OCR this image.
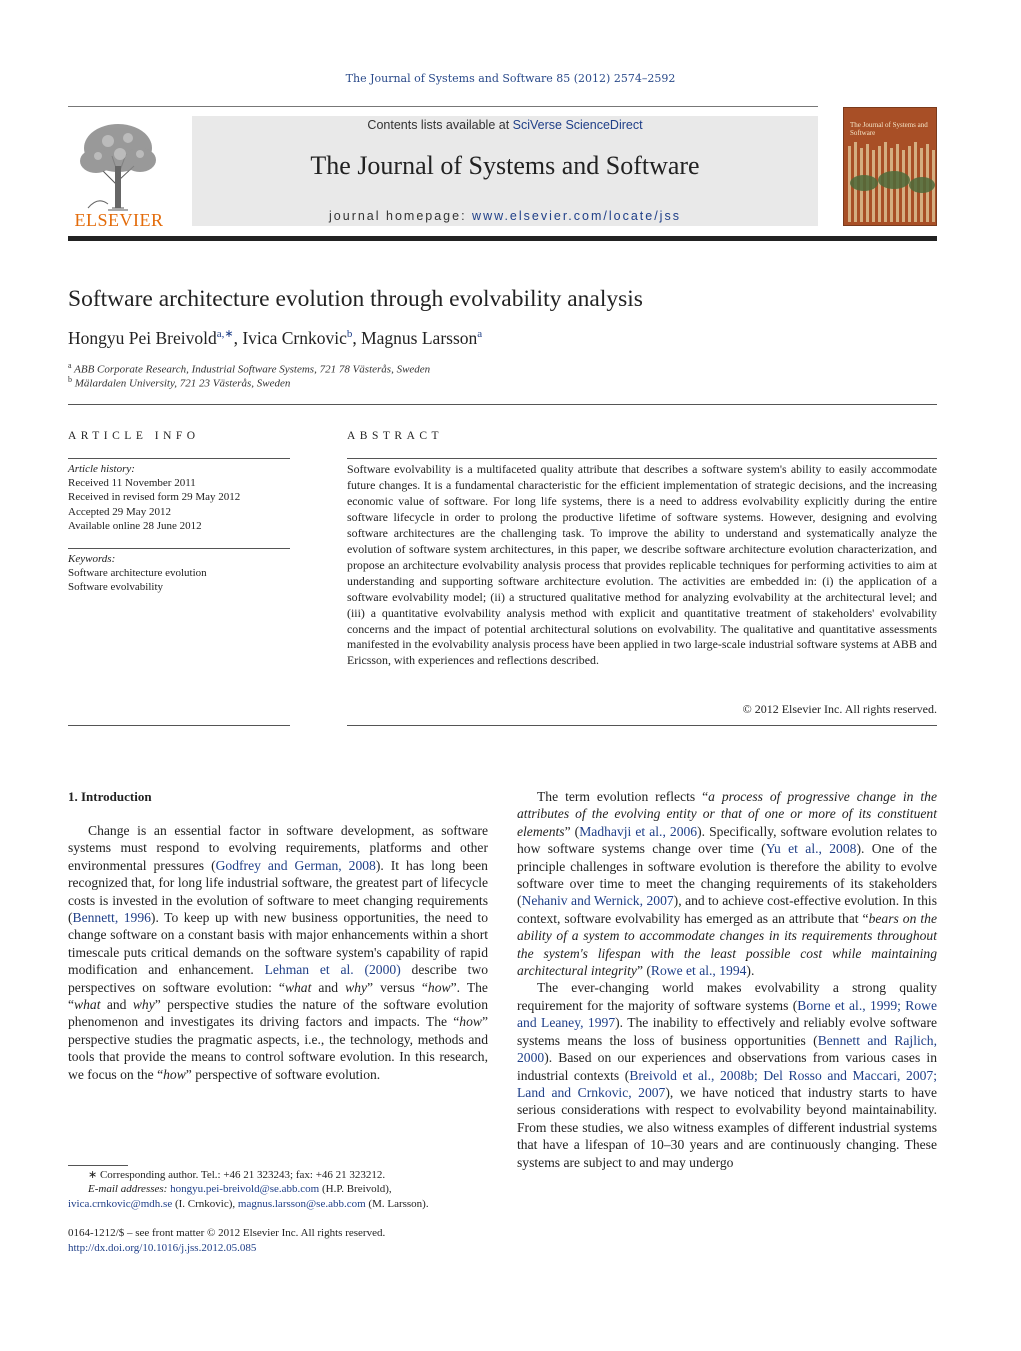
The Journal of Systems and Software 85 (2012) 2574–2592
ELSEVIER
Contents lists available at SciVerse ScienceDirect
The Journal of Systems and Software
journal homepage: www.elsevier.com/locate/jss
The Journal of Systems and Software
Software architecture evolution through evolvability analysis
Hongyu Pei Breivold$^{a,∗}$, Ivica Crnkovic$^b$, Magnus Larsson$^a$
$^a$ ABB Corporate Research, Industrial Software Systems, 721 78 Västerås, Sweden
$^b$ Mälardalen University, 721 23 Västerås, Sweden
ARTICLE INFO	ABSTRACT
Article history:
Received 11 November 2011
Received in revised form 29 May 2012
Accepted 29 May 2012
Available online 28 June 2012
Keywords:
Software architecture evolution
Software evolvability
Software evolvability is a multifaceted quality attribute that describes a software system's ability to easily accommodate future changes. It is a fundamental characteristic for the efficient implementation of strategic decisions, and the increasing economic value of software. For long life systems, there is a need to address evolvability explicitly during the entire software lifecycle in order to prolong the productive lifetime of software systems. However, designing and evolving software architectures are the challenging task. To improve the ability to understand and systematically analyze the evolution of software system architectures, in this paper, we describe software architecture evolution characterization, and propose an architecture evolvability analysis process that provides replicable techniques for performing activities to aim at understanding and supporting software architecture evolution. The activities are embedded in: (i) the application of a software evolvability model; (ii) a structured qualitative method for analyzing evolvability at the architectural level; and (iii) a quantitative evolvability analysis method with explicit and quantitative treatment of stakeholders' evolvability concerns and the impact of potential architectural solutions on evolvability. The qualitative and quantitative assessments manifested in the evolvability analysis process have been applied in two large-scale industrial software systems at ABB and Ericsson, with experiences and reflections described.
© 2012 Elsevier Inc. All rights reserved.
1. Introduction

Change is an essential factor in software development, as software systems must respond to evolving requirements, platforms and other environmental pressures (Godfrey and German, 2008). It has long been recognized that, for long life industrial software, the greatest part of lifecycle costs is invested in the evolution of software to meet changing requirements (Bennett, 1996). To keep up with new business opportunities, the need to change software on a constant basis with major enhancements within a short timescale puts critical demands on the software system's capability of rapid modification and enhancement. Lehman et al. (2000) describe two perspectives on software evolution: “what and why” versus “how”. The “what and why” perspective studies the nature of the software evolution phenomenon and investigates its driving factors and impacts. The “how” perspective studies the pragmatic aspects, i.e., the technology, methods and tools that provide the means to control software evolution. In this research, we focus on the “how” perspective of software evolution.

The term evolution reflects “a process of progressive change in the attributes of the evolving entity or that of one or more of its constituent elements” (Madhavji et al., 2006). Specifically, software evolution relates to how software systems change over time (Yu et al., 2008). One of the principle challenges in software evolution is therefore the ability to evolve software over time to meet the changing requirements of its stakeholders (Nehaniv and Wernick, 2007), and to achieve cost-effective evolution. In this context, software evolvability has emerged as an attribute that “bears on the ability of a system to accommodate changes in its requirements throughout the system's lifespan with the least possible cost while maintaining architectural integrity” (Rowe et al., 1994).

The ever-changing world makes evolvability a strong quality requirement for the majority of software systems (Borne et al., 1999; Rowe and Leaney, 1997). The inability to effectively and reliably evolve software systems means the loss of business opportunities (Bennett and Rajlich, 2000). Based on our experiences and observations from various cases in industrial contexts (Breivold et al., 2008b; Del Rosso and Maccari, 2007; Land and Crnkovic, 2007), we have noticed that industry starts to have serious considerations with respect to evolvability beyond maintainability. From these studies, we also witness examples of different industrial systems that have a lifespan of 10–30 years and are continuously changing. These systems are subject to and may undergo

∗ Corresponding author. Tel.: +46 21 323243; fax: +46 21 323212.
E-mail addresses: hongyu.pei-breivold@se.abb.com (H.P. Breivold),
ivica.crnkovic@mdh.se (I. Crnkovic), magnus.larsson@se.abb.com (M. Larsson).
0164-1212/$ – see front matter © 2012 Elsevier Inc. All rights reserved.
http://dx.doi.org/10.1016/j.jss.2012.05.085
